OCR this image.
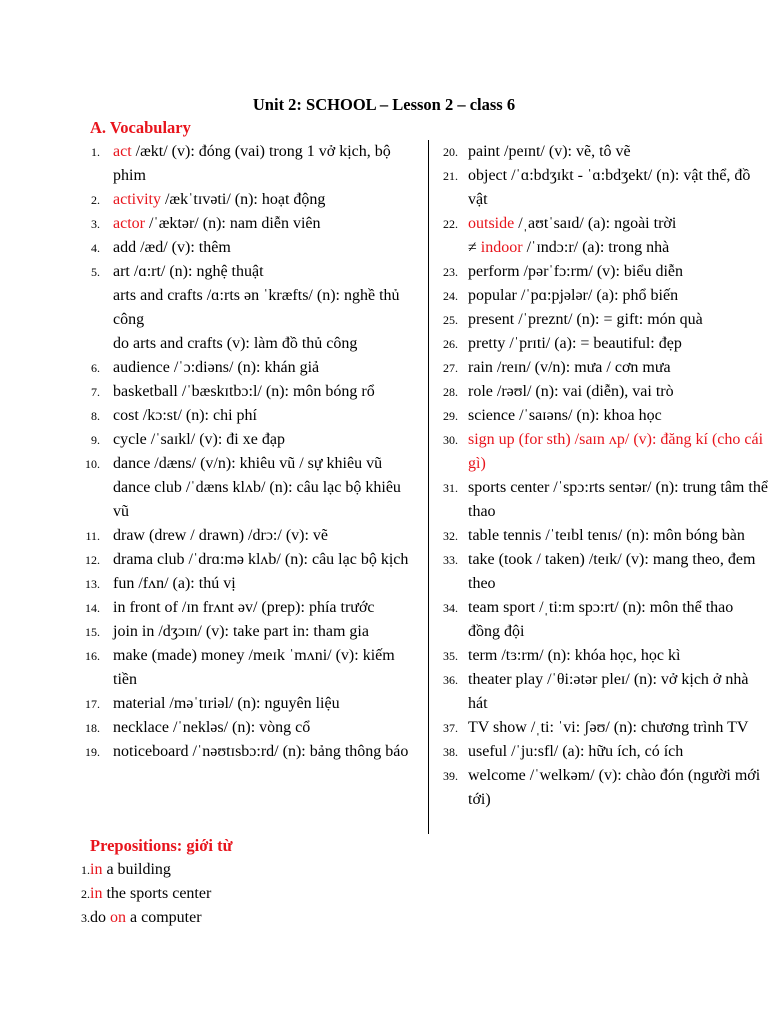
Unit 2: SCHOOL – Lesson 2 – class 6
A. Vocabulary
1. act /ækt/ (v): đóng (vai) trong 1 vở kịch, bộ phim
2. activity /ækˈtɪvəti/ (n): hoạt động
3. actor /ˈæktər/ (n): nam diễn viên
4. add /æd/ (v): thêm
5. art /ɑ:rt/ (n): nghệ thuật
arts and crafts /ɑ:rts ən ˈkræfts/ (n): nghề thủ công
do arts and crafts (v): làm đồ thủ công
6. audience /ˈɔ:diəns/ (n): khán giả
7. basketball /ˈbæskɪtbɔ:l/ (n): môn bóng rổ
8. cost /kɔ:st/ (n): chi phí
9. cycle /ˈsaɪkl/ (v): đi xe đạp
10. dance /dæns/ (v/n): khiêu vũ / sự khiêu vũ
dance club /ˈdæns klʌb/ (n): câu lạc bộ khiêu vũ
11. draw (drew / drawn) /drɔ:/ (v): vẽ
12. drama club /ˈdrɑ:mə klʌb/ (n): câu lạc bộ kịch
13. fun /fʌn/ (a): thú vị
14. in front of /ɪn frʌnt əv/ (prep): phía trước
15. join in /dʒɔɪn/ (v): take part in: tham gia
16. make (made) money /meɪk ˈmʌni/ (v): kiếm tiền
17. material /məˈtɪriəl/ (n): nguyên liệu
18. necklace /ˈnekləs/ (n): vòng cổ
19. noticeboard /ˈnəʊtɪsbɔ:rd/ (n): bảng thông báo
20. paint /peɪnt/ (v): vẽ, tô vẽ
21. object /ˈɑ:bdʒɪkt - ˈɑ:bdʒekt/ (n): vật thể, đồ vật
22. outside /ˌaʊtˈsaɪd/ (a): ngoài trời
≠ indoor /ˈɪndɔ:r/ (a): trong nhà
23. perform /pərˈfɔ:rm/ (v): biểu diễn
24. popular /ˈpɑ:pjələr/ (a): phổ biến
25. present /ˈpreznt/ (n): = gift: món quà
26. pretty /ˈprɪti/ (a): = beautiful: đẹp
27. rain /reɪn/ (v/n): mưa / cơn mưa
28. role /rəʊl/ (n): vai (diễn), vai trò
29. science /ˈsaɪəns/ (n): khoa học
30. sign up (for sth) /saɪn ʌp/ (v): đăng kí (cho cái gì)
31. sports center /ˈspɔ:rts sentər/ (n): trung tâm thể thao
32. table tennis /ˈteɪbl tenɪs/ (n): môn bóng bàn
33. take (took / taken) /teɪk/ (v): mang theo, đem theo
34. team sport /ˌti:m spɔ:rt/ (n): môn thể thao đồng đội
35. term /tɜ:rm/ (n): khóa học, học kì
36. theater play /ˈθi:ətər pleɪ/ (n): vở kịch ở nhà hát
37. TV show /ˌti: ˈvi: ʃəʊ/ (n): chương trình TV
38. useful /ˈju:sfl/ (a): hữu ích, có ích
39. welcome /ˈwelkəm/ (v): chào đón (người mới tới)
Prepositions: giới từ
1. in a building
2. in the sports center
3. do on a computer
